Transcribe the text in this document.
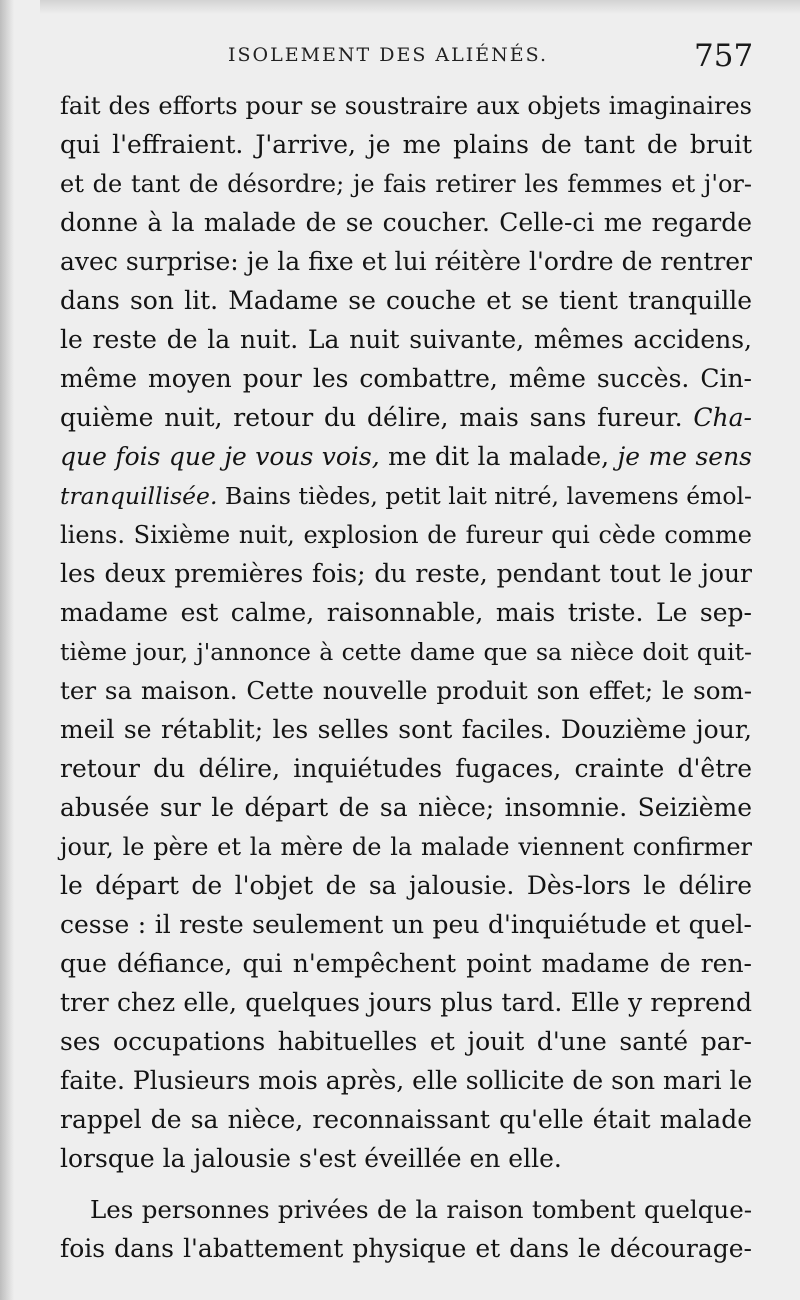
ISOLEMENT DES ALIÉNÉS.	757
fait des efforts pour se soustraire aux objets imaginaires
qui l'effraient. J'arrive, je me plains de tant de bruit
et de tant de désordre; je fais retirer les femmes et j'or-
donne à la malade de se coucher. Celle-ci me regarde
avec surprise: je la fixe et lui réitère l'ordre de rentrer
dans son lit. Madame se couche et se tient tranquille
le reste de la nuit. La nuit suivante, mêmes accidens,
même moyen pour les combattre, même succès. Cin-
quième nuit, retour du délire, mais sans fureur. Cha-
que fois que je vous vois, me dit la malade, je me sens
tranquillisée. Bains tièdes, petit lait nitré, lavemens émol-
liens. Sixième nuit, explosion de fureur qui cède comme
les deux premières fois; du reste, pendant tout le jour
madame est calme, raisonnable, mais triste. Le sep-
tième jour, j'annonce à cette dame que sa nièce doit quit-
ter sa maison. Cette nouvelle produit son effet; le som-
meil se rétablit; les selles sont faciles. Douzième jour,
retour du délire, inquiétudes fugaces, crainte d'être
abusée sur le départ de sa nièce; insomnie. Seizième
jour, le père et la mère de la malade viennent confirmer
le départ de l'objet de sa jalousie. Dès-lors le délire
cesse : il reste seulement un peu d'inquiétude et quel-
que défiance, qui n'empêchent point madame de ren-
trer chez elle, quelques jours plus tard. Elle y reprend
ses occupations habituelles et jouit d'une santé par-
faite. Plusieurs mois après, elle sollicite de son mari le
rappel de sa nièce, reconnaissant qu'elle était malade
lorsque la jalousie s'est éveillée en elle.
Les personnes privées de la raison tombent quelque-
fois dans l'abattement physique et dans le décourage-
